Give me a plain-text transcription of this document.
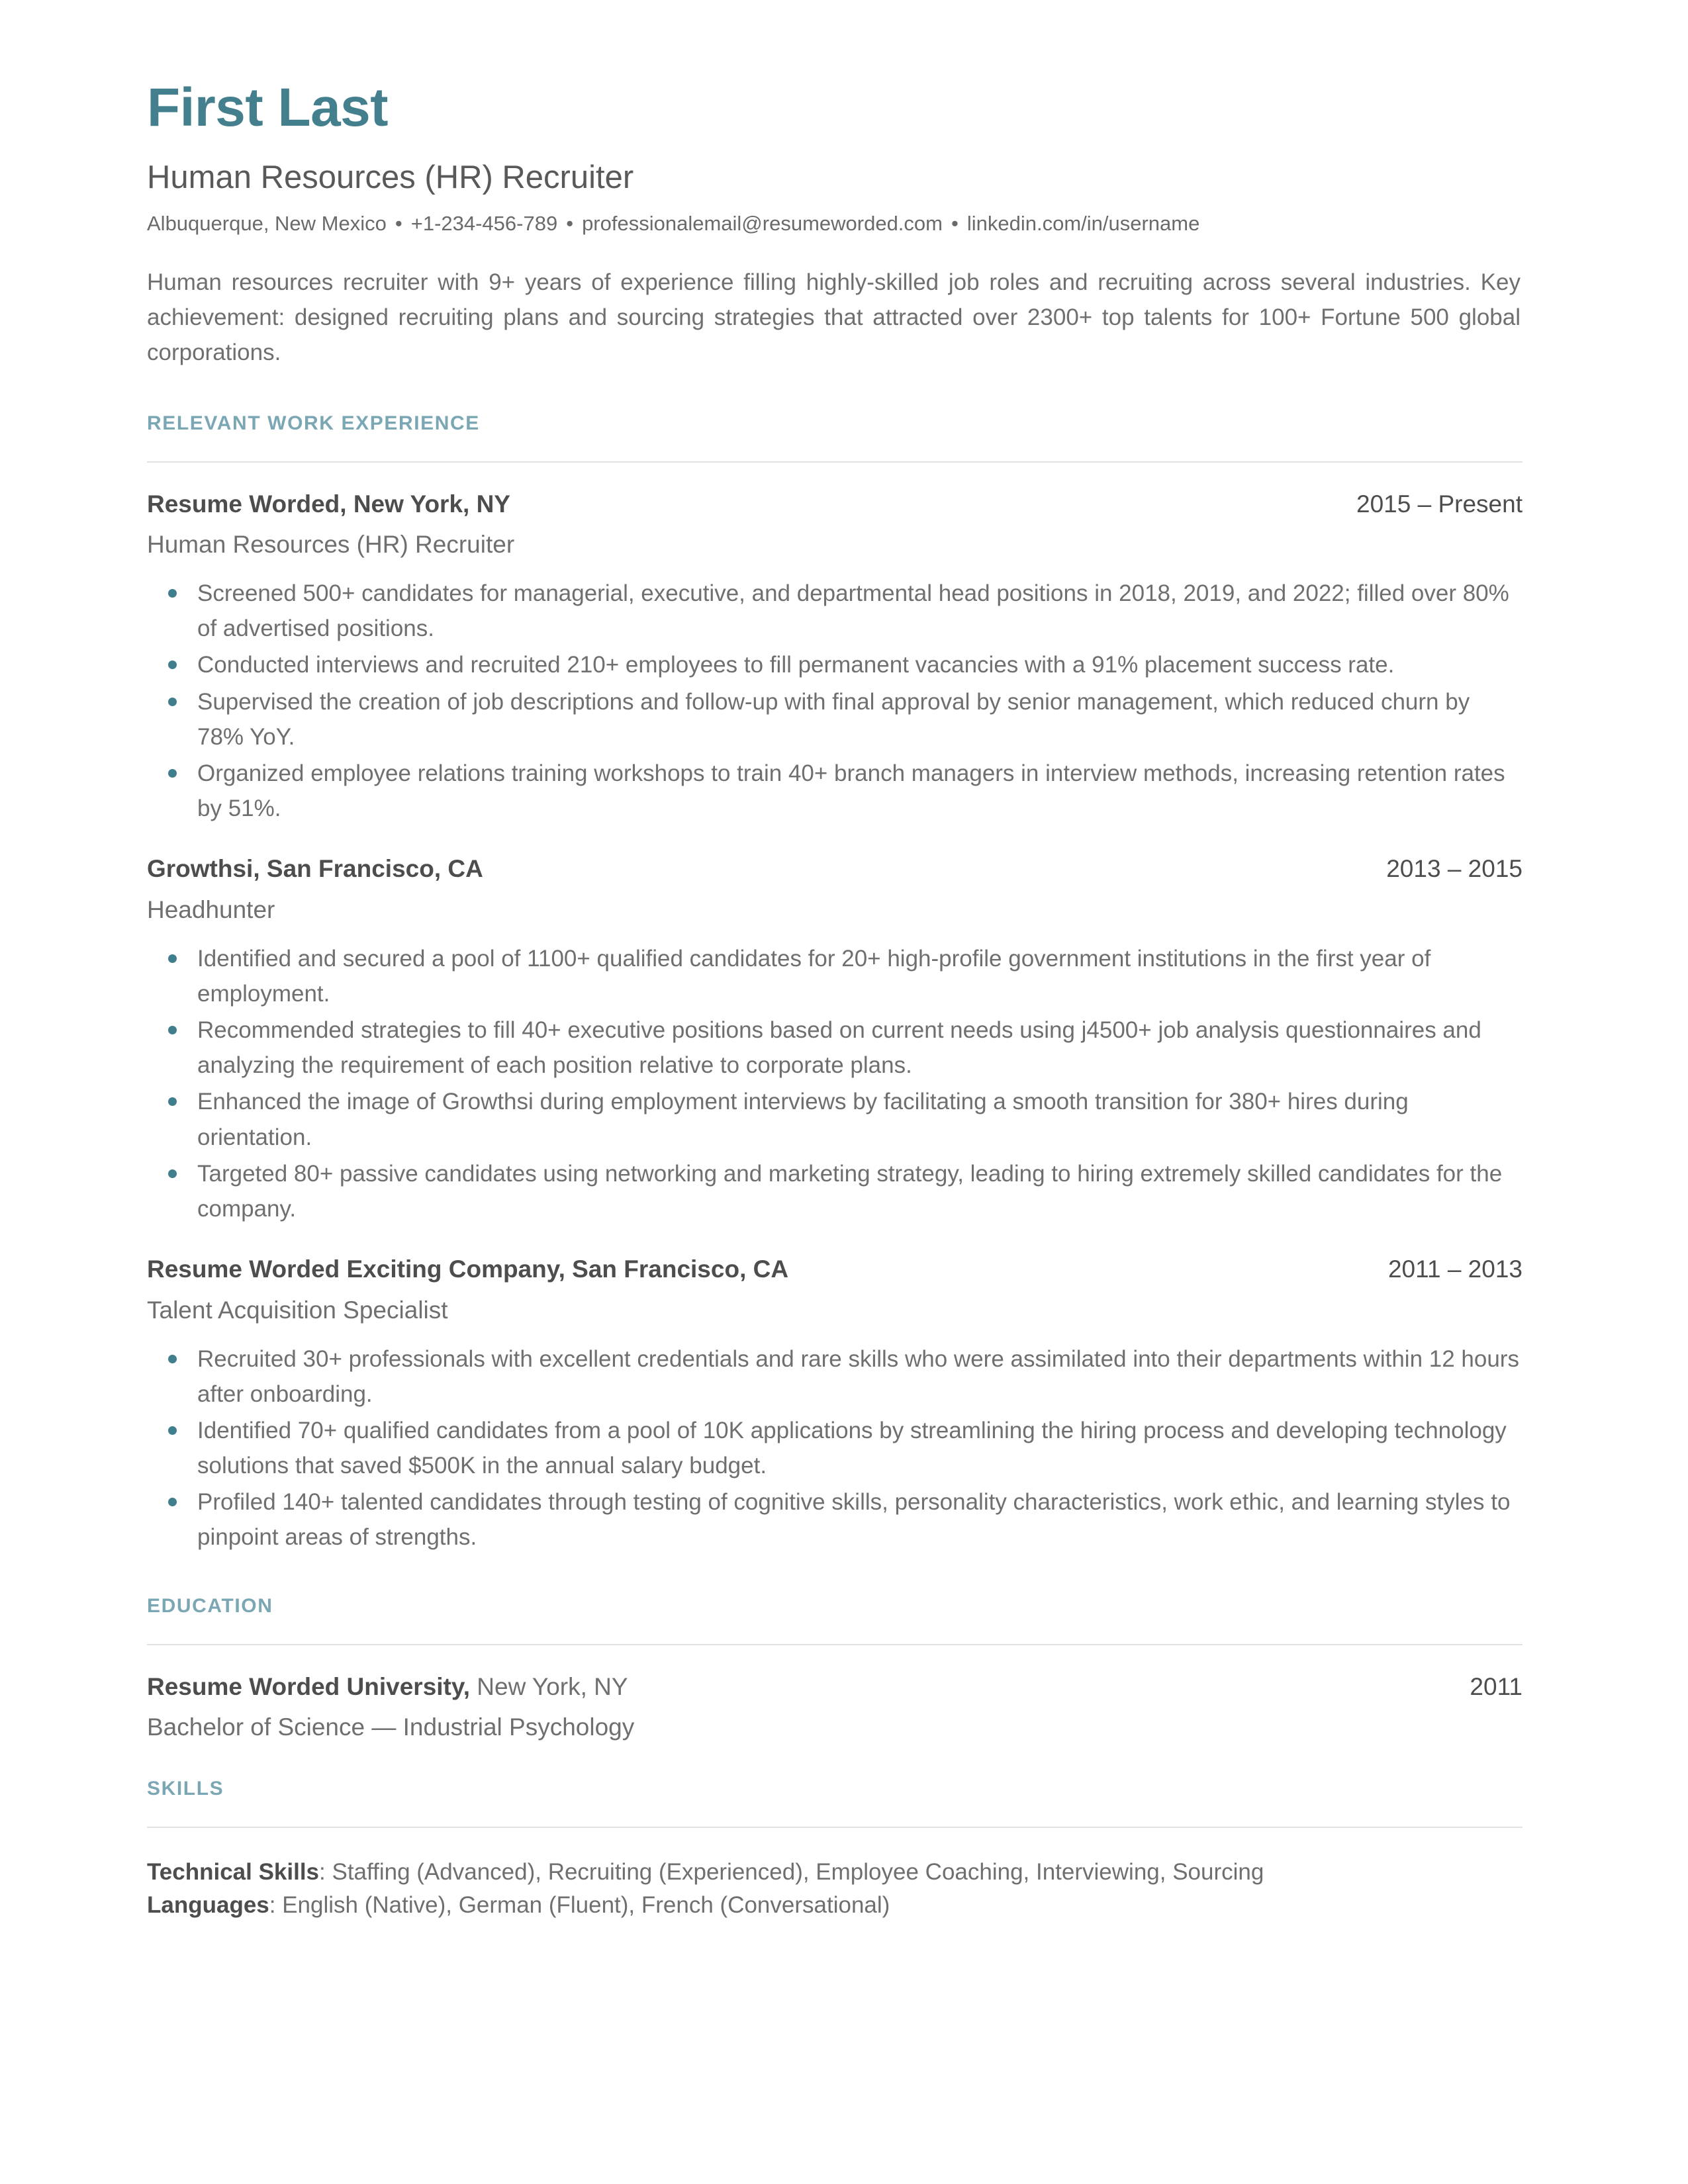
First Last
Human Resources (HR) Recruiter
Albuquerque, New Mexico • +1-234-456-789 • professionalemail@resumeworded.com • linkedin.com/in/username

Human resources recruiter with 9+ years of experience filling highly-skilled job roles and recruiting across several industries. Key achievement: designed recruiting plans and sourcing strategies that attracted over 2300+ top talents for 100+ Fortune 500 global corporations.

RELEVANT WORK EXPERIENCE
Resume Worded, New York, NY	2015 – Present
Human Resources (HR) Recruiter
Screened 500+ candidates for managerial, executive, and departmental head positions in 2018, 2019, and 2022; filled over 80% of advertised positions.
Conducted interviews and recruited 210+ employees to fill permanent vacancies with a 91% placement success rate.
Supervised the creation of job descriptions and follow-up with final approval by senior management, which reduced churn by 78% YoY.
Organized employee relations training workshops to train 40+ branch managers in interview methods, increasing retention rates by 51%.
Growthsi, San Francisco, CA	2013 – 2015
Headhunter
Identified and secured a pool of 1100+ qualified candidates for 20+ high-profile government institutions in the first year of employment.
Recommended strategies to fill 40+ executive positions based on current needs using j4500+ job analysis questionnaires and analyzing the requirement of each position relative to corporate plans.
Enhanced the image of Growthsi during employment interviews by facilitating a smooth transition for 380+ hires during orientation.
Targeted 80+ passive candidates using networking and marketing strategy, leading to hiring extremely skilled candidates for the company.
Resume Worded Exciting Company, San Francisco, CA	2011 – 2013
Talent Acquisition Specialist
Recruited 30+ professionals with excellent credentials and rare skills who were assimilated into their departments within 12 hours after onboarding.
Identified 70+ qualified candidates from a pool of 10K applications by streamlining the hiring process and developing technology solutions that saved $500K in the annual salary budget.
Profiled 140+ talented candidates through testing of cognitive skills, personality characteristics, work ethic, and learning styles to pinpoint areas of strengths.
EDUCATION
Resume Worded University, New York, NY	2011
Bachelor of Science — Industrial Psychology
SKILLS
Technical Skills: Staffing (Advanced), Recruiting (Experienced), Employee Coaching, Interviewing, Sourcing
Languages: English (Native), German (Fluent), French (Conversational)
